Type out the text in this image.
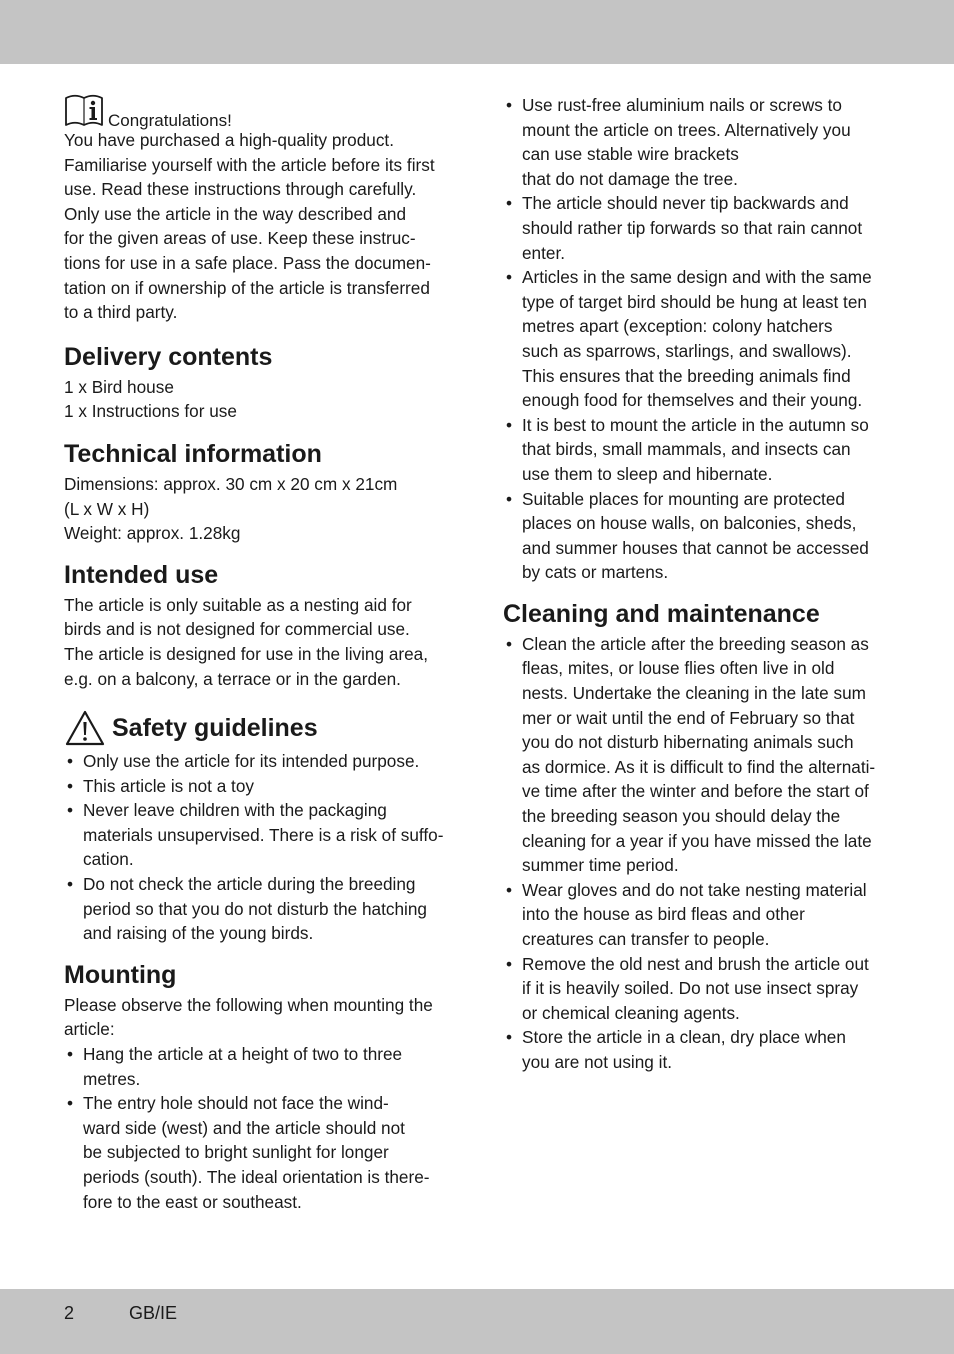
Congratulations!

You have purchased a high-quality product.
Familiarise yourself with the article before its first
use. Read these instructions through carefully.
Only use the article in the way described and
for the given areas of use. Keep these instruc-
tions for use in a safe place. Pass the documen-
tation on if ownership of the article is transferred
to a third party.

Delivery contents

1 x Bird house
1 x Instructions for use

Technical information

Dimensions: approx. 30 cm x 20 cm x 21cm
(L x W x H)
Weight: approx. 1.28kg

Intended use

The article is only suitable as a nesting aid for
birds and is not designed for commercial use.
The article is designed for use in the living area,
e.g. on a balcony, a terrace or in the garden.

Safety guidelines
• Only use the article for its intended purpose.
• This article is not a toy
• Never leave children with the packaging
materials unsupervised. There is a risk of suffo-
cation.
• Do not check the article during the breeding
period so that you do not disturb the hatching
and raising of the young birds.
Mounting

Please observe the following when mounting the
article:

• Hang the article at a height of two to three
metres.
• The entry hole should not face the wind-
ward side (west) and the article should not
be subjected to bright sunlight for longer
periods (south). The ideal orientation is there-
fore to the east or southeast.
• Use rust-free aluminium nails or screws to
mount the article on trees. Alternatively you
can use stable wire brackets
that do not damage the tree.
• The article should never tip backwards and
should rather tip forwards so that rain cannot
enter.
• Articles in the same design and with the same
type of target bird should be hung at least ten
metres apart (exception: colony hatchers
such as sparrows, starlings, and swallows).
This ensures that the breeding animals find
enough food for themselves and their young.
• It is best to mount the article in the autumn so
that birds, small mammals, and insects can
use them to sleep and hibernate.
• Suitable places for mounting are protected
places on house walls, on balconies, sheds,
and summer houses that cannot be accessed
by cats or martens.
Cleaning and maintenance
• Clean the article after the breeding season as
fleas, mites, or louse flies often live in old
nests. Undertake the cleaning in the late sum
mer or wait until the end of February so that
you do not disturb hibernating animals such
as dormice. As it is difficult to find the alternati-
ve time after the winter and before the start of
the breeding season you should delay the
cleaning for a year if you have missed the late
summer time period.
• Wear gloves and do not take nesting material
into the house as bird fleas and other
creatures can transfer to people.
• Remove the old nest and brush the article out
if it is heavily soiled. Do not use insect spray
or chemical cleaning agents.
• Store the article in a clean, dry place when
you are not using it.
2	GB/IE
